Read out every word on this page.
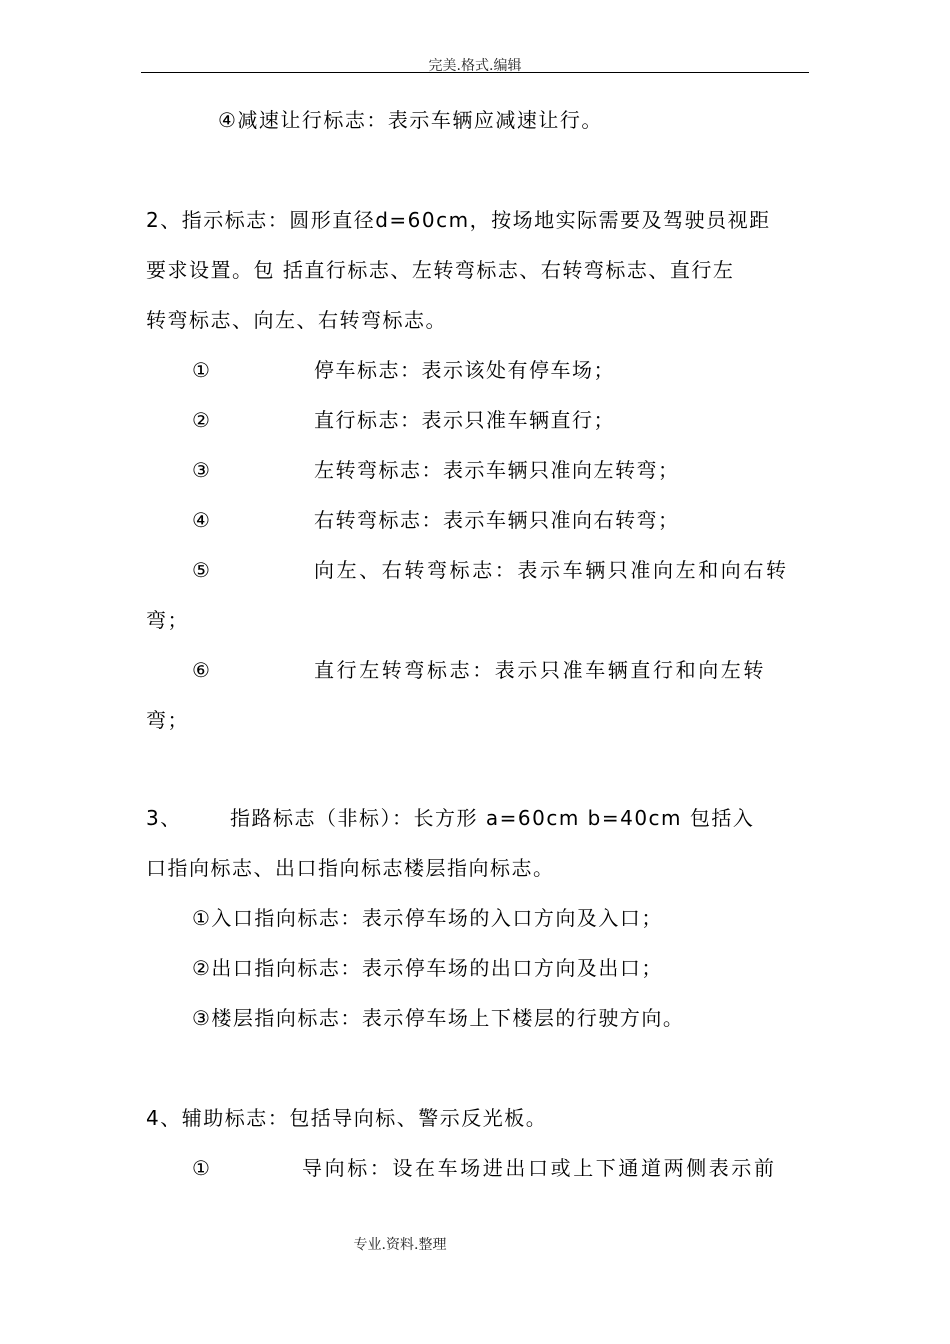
完美.格式.编辑
④减速让行标志：表示车辆应减速让行。
2、指示标志：圆形直径d=60cm，按场地实际需要及驾驶员视距
要求设置。包 括直行标志、左转弯标志、右转弯标志、直行左
转弯标志、向左、右转弯标志。
①	停车标志：表示该处有停车场；
②	直行标志：表示只准车辆直行；
③	左转弯标志：表示车辆只准向左转弯；
④	右转弯标志：表示车辆只准向右转弯；
⑤	向左、右转弯标志：表示车辆只准向左和向右转
弯；
⑥	直行左转弯标志：表示只准车辆直行和向左转
弯；
3、 指路标志（非标）：长方形 a=60cm b=40cm 包括入
口指向标志、出口指向标志楼层指向标志。
①入口指向标志：表示停车场的入口方向及入口；
②出口指向标志：表示停车场的出口方向及出口；
③楼层指向标志：表示停车场上下楼层的行驶方向。
4、辅助标志：包括导向标、警示反光板。
①	导向标：设在车场进出口或上下通道两侧表示前
专业.资料.整理
